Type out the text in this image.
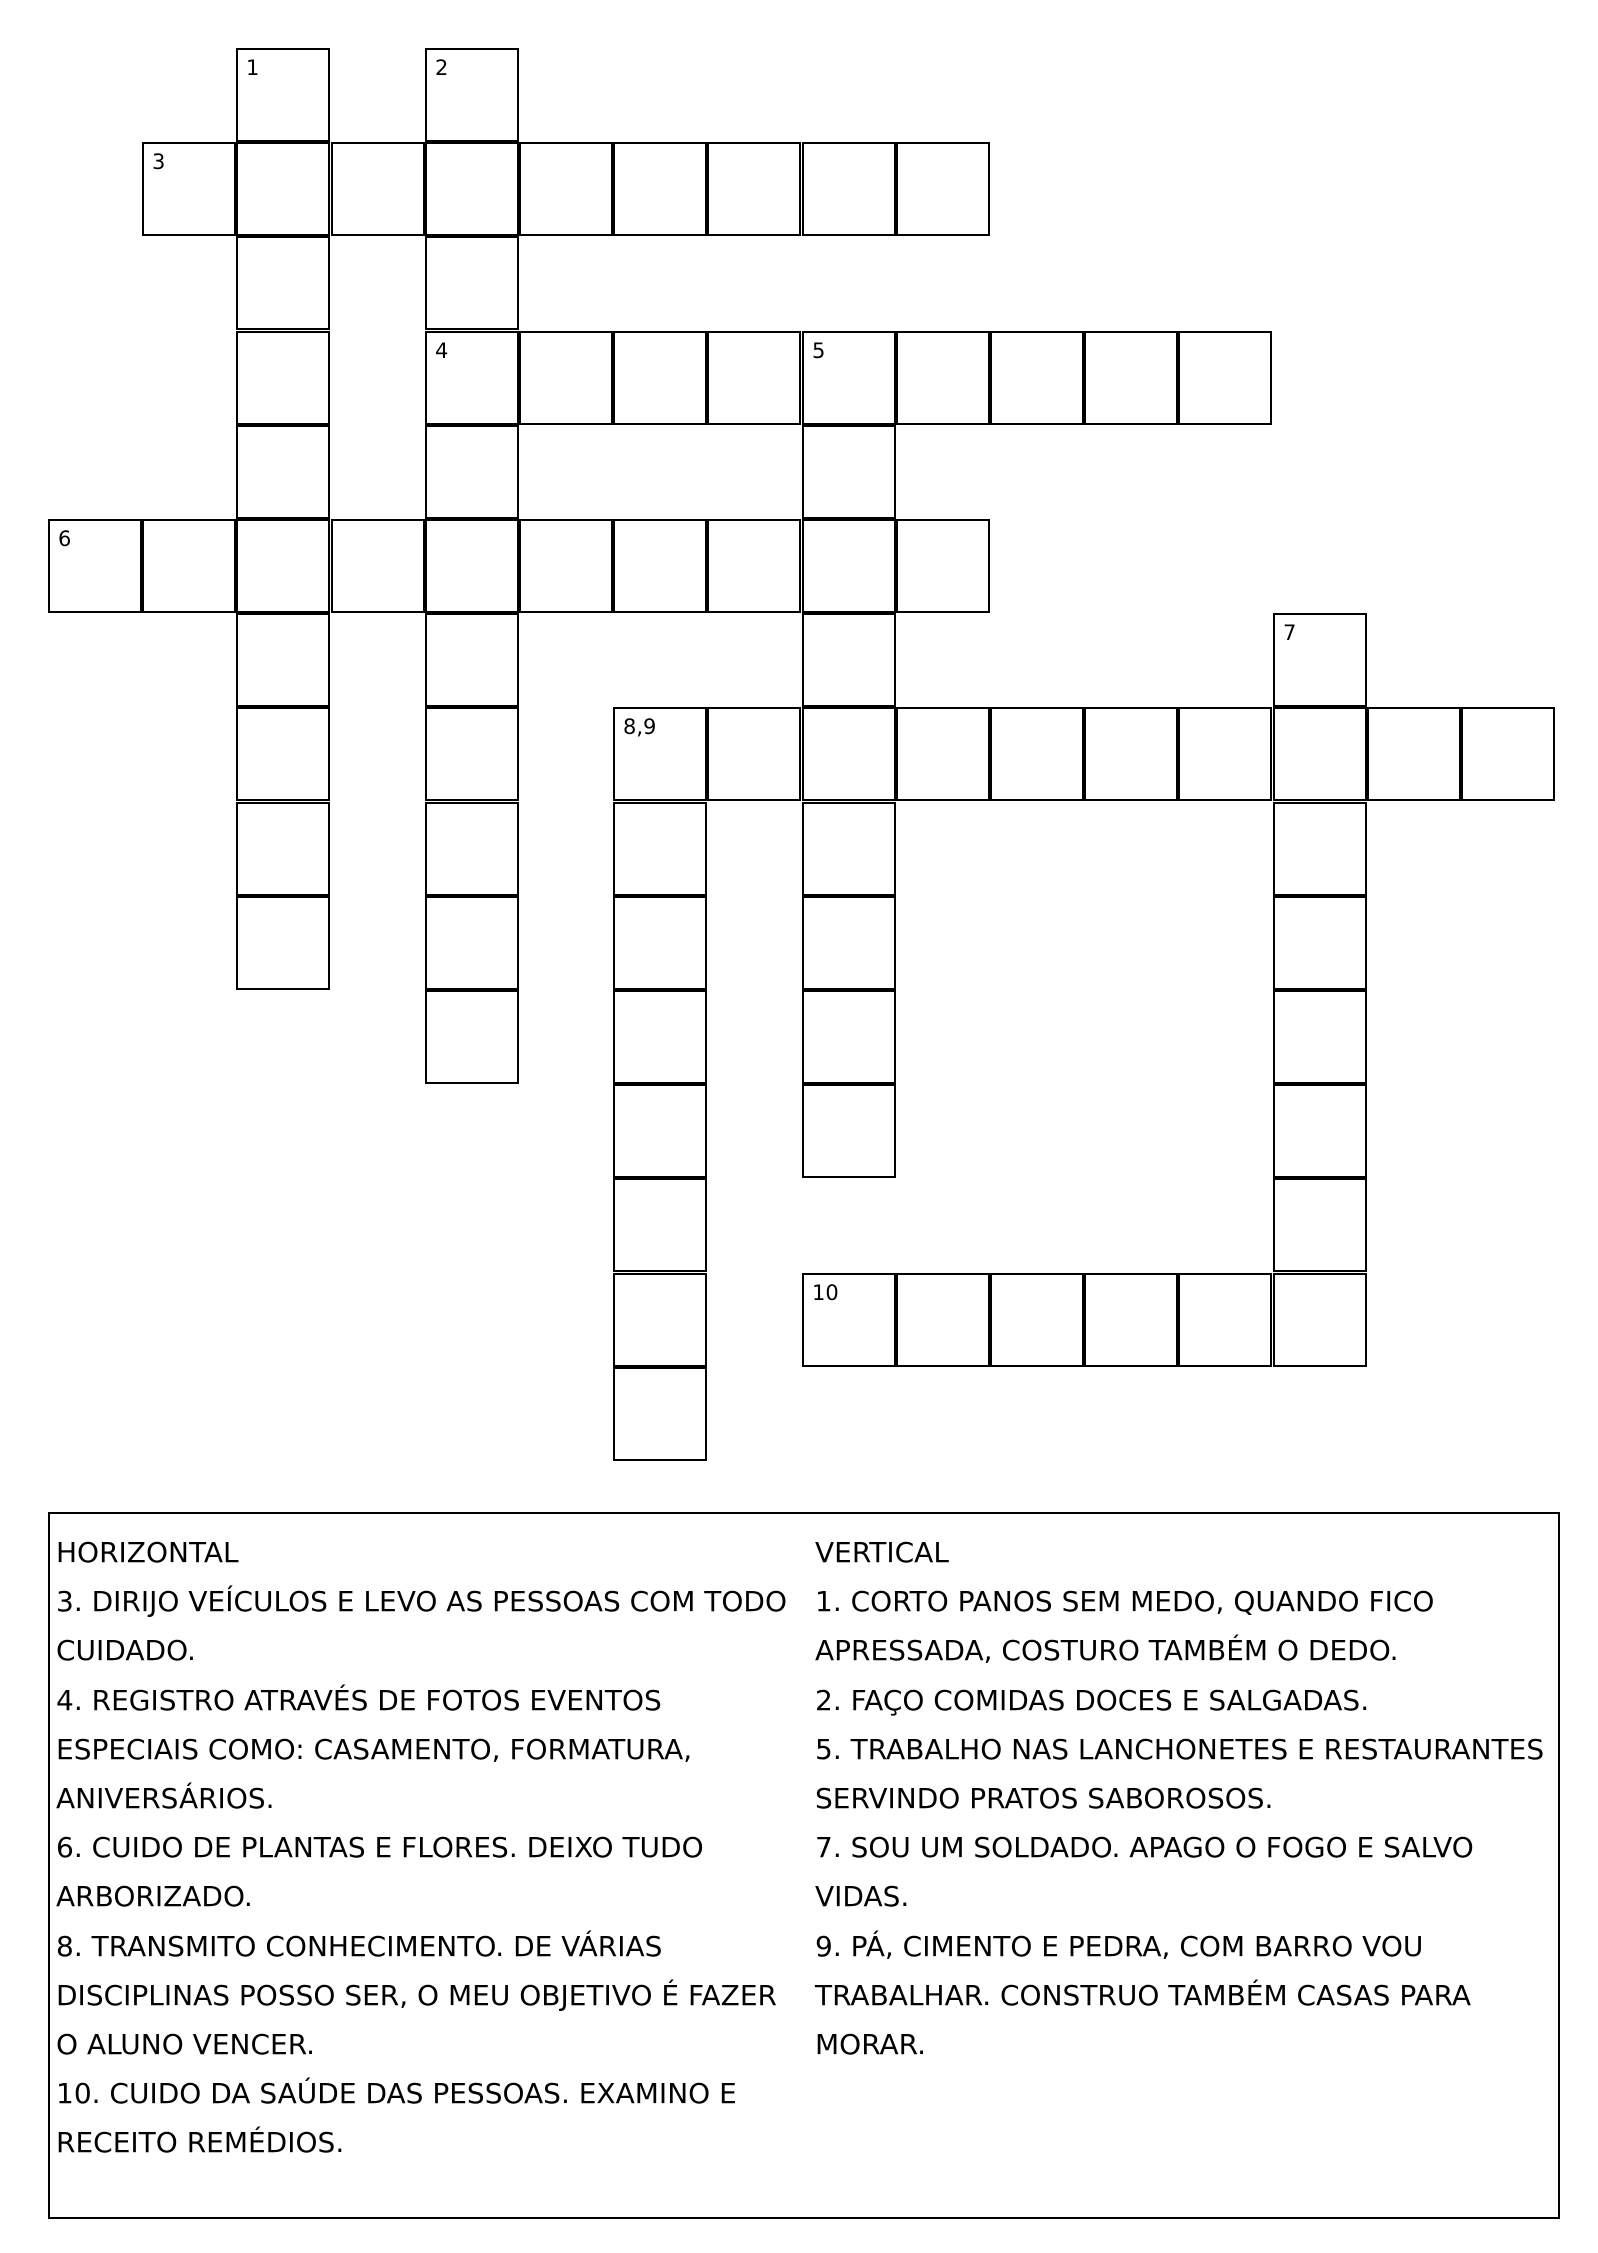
1	2
4
3
5
6
7
8,9
10
HORIZONTAL
3. DIRIJO VEÍCULOS E LEVO AS PESSOAS COM TODO
CUIDADO.
4. REGISTRO ATRAVÉS DE FOTOS EVENTOS
ESPECIAIS COMO: CASAMENTO, FORMATURA,
ANIVERSÁRIOS.
6. CUIDO DE PLANTAS E FLORES. DEIXO TUDO
ARBORIZADO.
8. TRANSMITO CONHECIMENTO. DE VÁRIAS
DISCIPLINAS POSSO SER, O MEU OBJETIVO É FAZER
O ALUNO VENCER.
10. CUIDO DA SAÚDE DAS PESSOAS. EXAMINO E
RECEITO REMÉDIOS.
VERTICAL
1. CORTO PANOS SEM MEDO, QUANDO FICO
APRESSADA, COSTURO TAMBÉM O DEDO.
2. FAÇO COMIDAS DOCES E SALGADAS.
5. TRABALHO NAS LANCHONETES E RESTAURANTES
SERVINDO PRATOS SABOROSOS.
7. SOU UM SOLDADO. APAGO O FOGO E SALVO
VIDAS.
9. PÁ, CIMENTO E PEDRA, COM BARRO VOU
TRABALHAR. CONSTRUO TAMBÉM CASAS PARA
MORAR.
